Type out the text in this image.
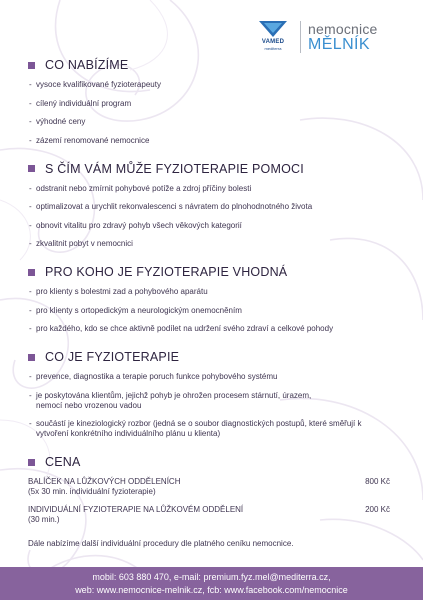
VAMED
mediterra
nemocnice
MĚLNÍK
CO NABÍZÍME
- vysoce kvalifikované fyzioterapeuty
- cílený individuální program
- výhodné ceny
- zázemí renomované nemocnice
S ČÍM VÁM MŮŽE FYZIOTERAPIE POMOCI
- odstranit nebo zmírnit pohybové potíže a zdroj příčiny bolesti
- optimalizovat a urychlit rekonvalescenci s návratem do plnohodnotného života
- obnovit vitalitu pro zdravý pohyb všech věkových kategorií
- zkvalitnit pobyt v nemocnici
PRO KOHO JE FYZIOTERAPIE VHODNÁ
- pro klienty s bolestmi zad a pohybového aparátu
- pro klienty s ortopedickým a neurologickým onemocněním
- pro každého, kdo se chce aktivně podílet na udržení svého zdraví a celkové pohody
CO JE FYZIOTERAPIE
- prevence, diagnostika a terapie poruch funkce pohybového systému
- je poskytována klientům, jejichž pohyb je ohrožen procesem stárnutí, úrazem, nemocí nebo vrozenou vadou
- součástí je kineziologický rozbor (jedná se o soubor diagnostických postupů, které směřují k vytvoření konkrétního individuálního plánu u klienta)
CENA
BALÍČEK NA LŮŽKOVÝCH ODDĚLENÍCH
(5x 30 min. individuální fyzioterapie)
800 Kč
INDIVIDUÁLNÍ FYZIOTERAPIE NA LŮŽKOVÉM ODDĚLENÍ
(30 min.)
200 Kč
Dále nabízíme další individuální procedury dle platného ceníku nemocnice.
mobil: 603 880 470, e-mail: premium.fyz.mel@mediterra.cz,
web: www.nemocnice-melnik.cz, fcb: www.facebook.com/nemocnice
